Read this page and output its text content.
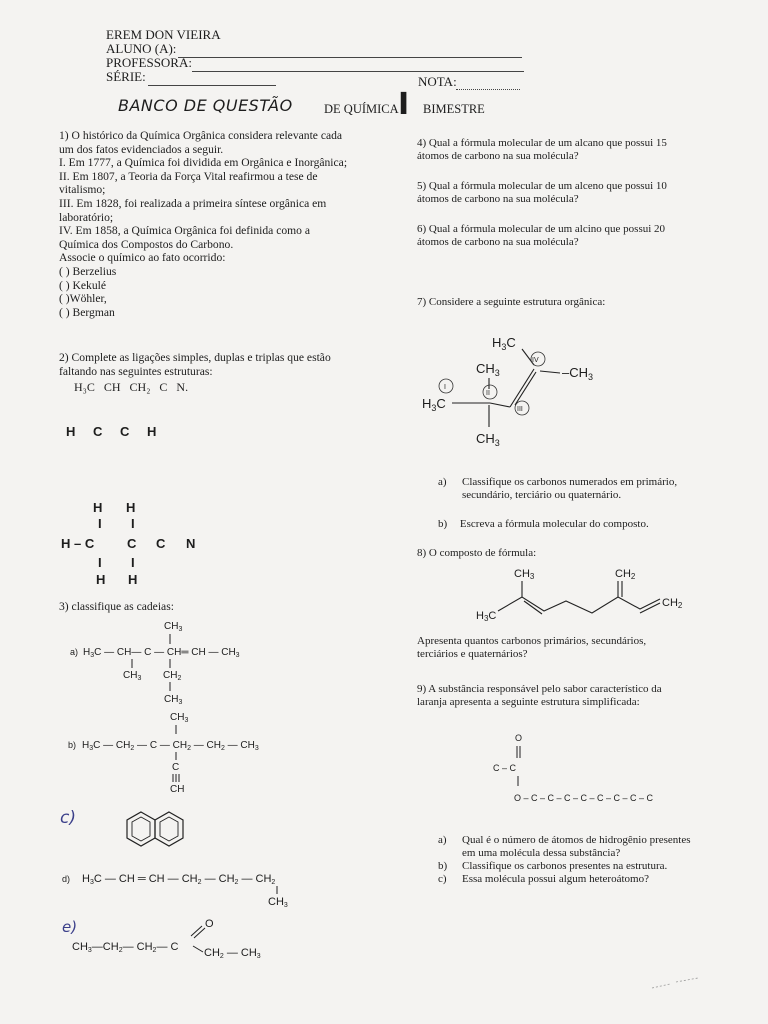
EREM DON VIEIRA
ALUNO (A):
PROFESSORA:
SÉRIE:	NOTA:
BANCO DE QUESTÃO	DE QUÍMICA I BIMESTRE
1) O histórico da Química Orgânica considera relevante cada
um dos fatos evidenciados a seguir.
I. Em 1777, a Química foi dividida em Orgânica e Inorgânica;
II. Em 1807, a Teoria da Força Vital reafirmou a tese de
vitalismo;
III. Em 1828, foi realizada a primeira síntese orgânica em
laboratório;
IV. Em 1858, a Química Orgânica foi definida como a
Química dos Compostos do Carbono.
Associe o químico ao fato ocorrido:
( ) Berzelius
( ) Kekulé
( )Wöhler,
( ) Bergman
2) Complete as ligações simples, duplas e triplas que estão
faltando nas seguintes estruturas:
H₃C CH CH₂ C N.
H C C H
H H
I I
H – C	C C N
I I
H H
3) classifique as cadeias:
a)
$CH_3$
$H_3C$ — CH— C — CH═ CH — $CH_3$
$CH_3$ $CH_2$
$CH_3$
$CH_3$
b) $H_3C$ — $CH_2$ — C — $CH_2$ — $CH_2$ — $CH_3$
C
CH
c)
d) H3C — CH ═ CH — CH2 — CH2 — CH2
CH3
e)
CH3—CH2— CH2— C
O
CH2 — CH3
4) Qual a fórmula molecular de um alcano que possui 15
átomos de carbono na sua molécula?
5) Qual a fórmula molecular de um alceno que possui 10
átomos de carbono na sua molécula?
6) Qual a fórmula molecular de um alcino que possui 20
átomos de carbono na sua molécula?
7) Considere a seguinte estrutura orgânica:
$H_3C$
$CH_3$
IV
$-CH_3$
I
II
$H_3C$	III
$CH_3$
a) Classifique os carbonos numerados em primário,
secundário, terciário ou quaternário.
b) Escreva a fórmula molecular do composto.
8) O composto de fórmula:
CH3	CH2
H3C
CH2
Apresenta quantos carbonos primários, secundários,
terciários e quaternários?
9) A substância responsável pelo sabor característico da
laranja apresenta a seguinte estrutura simplificada:
O
C – C
O – C – C – C – C – C – C – C – C
a) Qual é o número de átomos de hidrogênio presentes
em uma molécula dessa substância?
b) Classifique os carbonos presentes na estrutura.
c) Essa molécula possui algum heteroátomo?
